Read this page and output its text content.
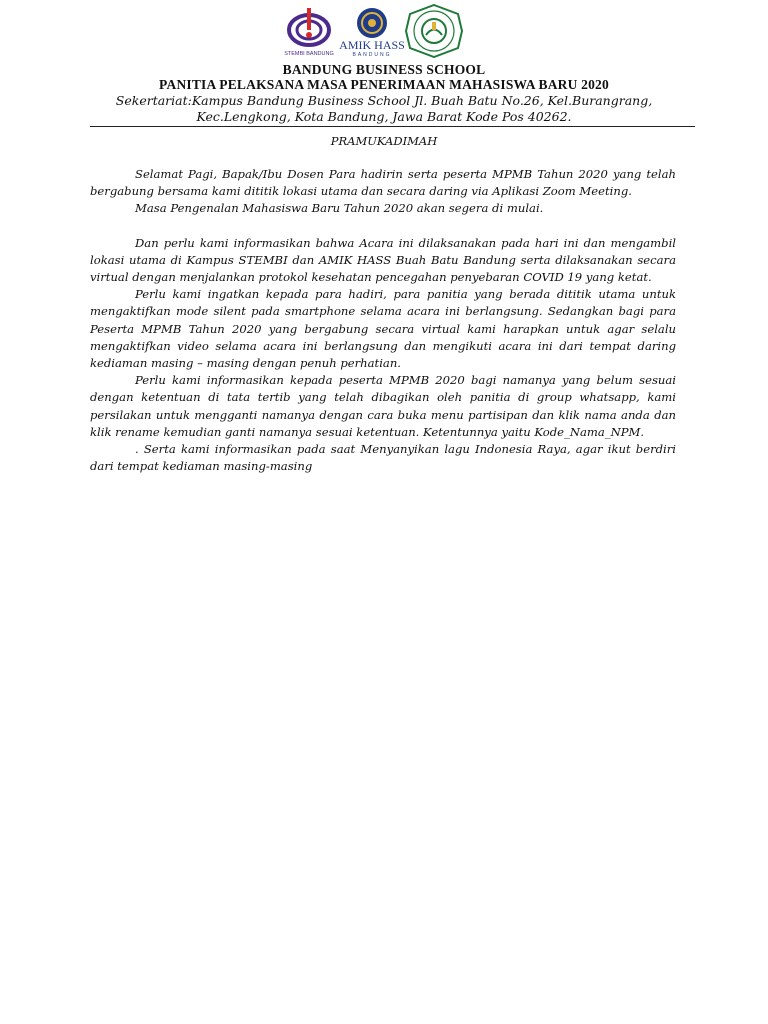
STEMBI BANDUNG
AMIK HASS
BANDUNG
BANDUNG BUSINESS SCHOOL
PANITIA PELAKSANA MASA PENERIMAAN MAHASISWA BARU 2020
Sekertariat:Kampus Bandung Business School Jl. Buah Batu No.26, Kel.Burangrang,
Kec.Lengkong, Kota Bandung, Jawa Barat Kode Pos 40262.
PRAMUKADIMAH

Selamat Pagi, Bapak/Ibu Dosen Para hadirin serta peserta MPMB Tahun 2020 yang telah bergabung bersama kami dititik lokasi utama dan secara daring via Aplikasi Zoom Meeting.

Masa Pengenalan Mahasiswa Baru Tahun 2020 akan segera di mulai.

Dan perlu kami informasikan bahwa Acara ini dilaksanakan pada hari ini dan mengambil lokasi utama di Kampus STEMBI dan AMIK HASS Buah Batu Bandung serta dilaksanakan secara virtual dengan menjalankan protokol kesehatan pencegahan penyebaran COVID 19 yang ketat.

Perlu kami ingatkan kepada para hadiri, para panitia yang berada dititik utama untuk mengaktifkan mode silent pada smartphone selama acara ini berlangsung. Sedangkan bagi para Peserta MPMB Tahun 2020 yang bergabung secara virtual kami harapkan untuk agar selalu mengaktifkan video selama acara ini berlangsung dan mengikuti acara ini dari tempat daring kediaman masing – masing dengan penuh perhatian.

Perlu kami informasikan kepada peserta MPMB 2020 bagi namanya yang belum sesuai dengan ketentuan di tata tertib yang telah dibagikan oleh panitia di group whatsapp, kami persilakan untuk mengganti namanya dengan cara buka menu partisipan dan klik nama anda dan klik rename kemudian ganti namanya sesuai ketentuan. Ketentunnya yaitu Kode_Nama_NPM.

. Serta kami informasikan pada saat Menyanyikan lagu Indonesia Raya, agar ikut berdiri dari tempat kediaman masing-masing
